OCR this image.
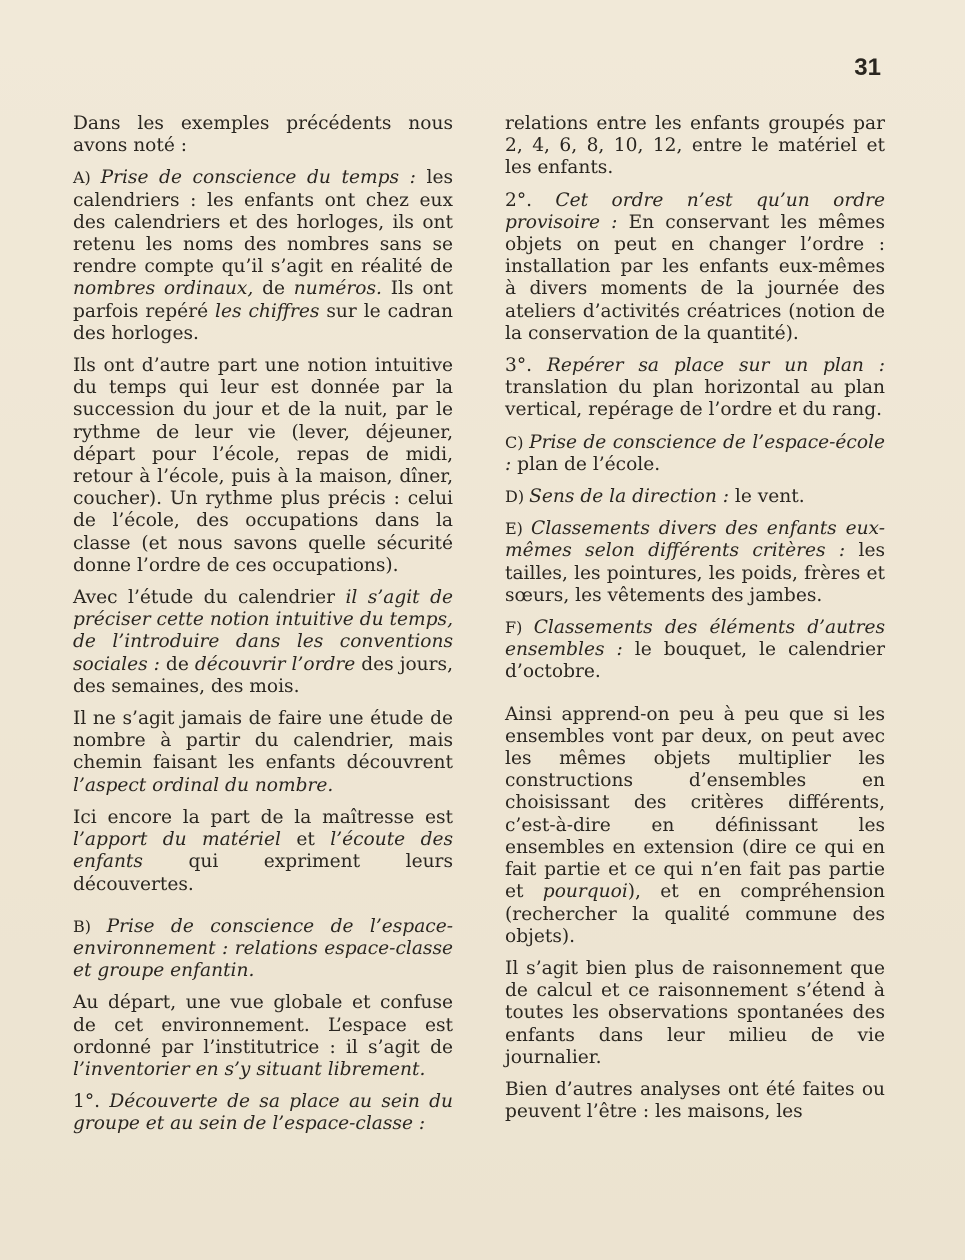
31

Dans les exemples précédents nous avons noté :

A) Prise de conscience du temps : les calendriers : les enfants ont chez eux des calendriers et des horloges, ils ont retenu les noms des nombres sans se rendre compte qu’il s’agit en réalité de nombres ordinaux, de numéros. Ils ont parfois repéré les chiffres sur le cadran des horloges.

Ils ont d’autre part une notion intuitive du temps qui leur est donnée par la succession du jour et de la nuit, par le rythme de leur vie (lever, déjeuner, départ pour l’école, repas de midi, retour à l’école, puis à la maison, dîner, coucher). Un rythme plus précis : celui de l’école, des occupations dans la classe (et nous savons quelle sécurité donne l’ordre de ces occupations).

Avec l’étude du calendrier il s’agit de préciser cette notion intuitive du temps, de l’introduire dans les conventions sociales : de découvrir l’ordre des jours, des semaines, des mois.

Il ne s’agit jamais de faire une étude de nombre à partir du calendrier, mais chemin faisant les enfants découvrent l’aspect ordinal du nombre.

Ici encore la part de la maîtresse est l’apport du matériel et l’écoute des enfants qui expriment leurs découvertes.

B) Prise de conscience de l’espace-environnement : relations espace-classe et groupe enfantin.

Au départ, une vue globale et confuse de cet environnement. L’espace est ordonné par l’institutrice : il s’agit de l’inventorier en s’y situant librement.

1°. Découverte de sa place au sein du groupe et au sein de l’espace-classe :

relations entre les enfants groupés par 2, 4, 6, 8, 10, 12, entre le matériel et les enfants.

2°. Cet ordre n’est qu’un ordre provisoire : En conservant les mêmes objets on peut en changer l’ordre : installation par les enfants eux-mêmes à divers moments de la journée des ateliers d’activités créatrices (notion de la conservation de la quantité).

3°. Repérer sa place sur un plan : translation du plan horizontal au plan vertical, repérage de l’ordre et du rang.

C) Prise de conscience de l’espace-école : plan de l’école.

D) Sens de la direction : le vent.

E) Classements divers des enfants eux-mêmes selon différents critères : les tailles, les pointures, les poids, frères et sœurs, les vêtements des jambes.

F) Classements des éléments d’autres ensembles : le bouquet, le calendrier d’octobre.

Ainsi apprend-on peu à peu que si les ensembles vont par deux, on peut avec les mêmes objets multiplier les constructions d’ensembles en choisissant des critères différents, c’est-à-dire en définissant les ensembles en extension (dire ce qui en fait partie et ce qui n’en fait pas partie et pourquoi), et en compréhension (rechercher la qualité commune des objets).

Il s’agit bien plus de raisonnement que de calcul et ce raisonnement s’étend à toutes les observations spontanées des enfants dans leur milieu de vie journalier.

Bien d’autres analyses ont été faites ou peuvent l’être : les maisons, les
